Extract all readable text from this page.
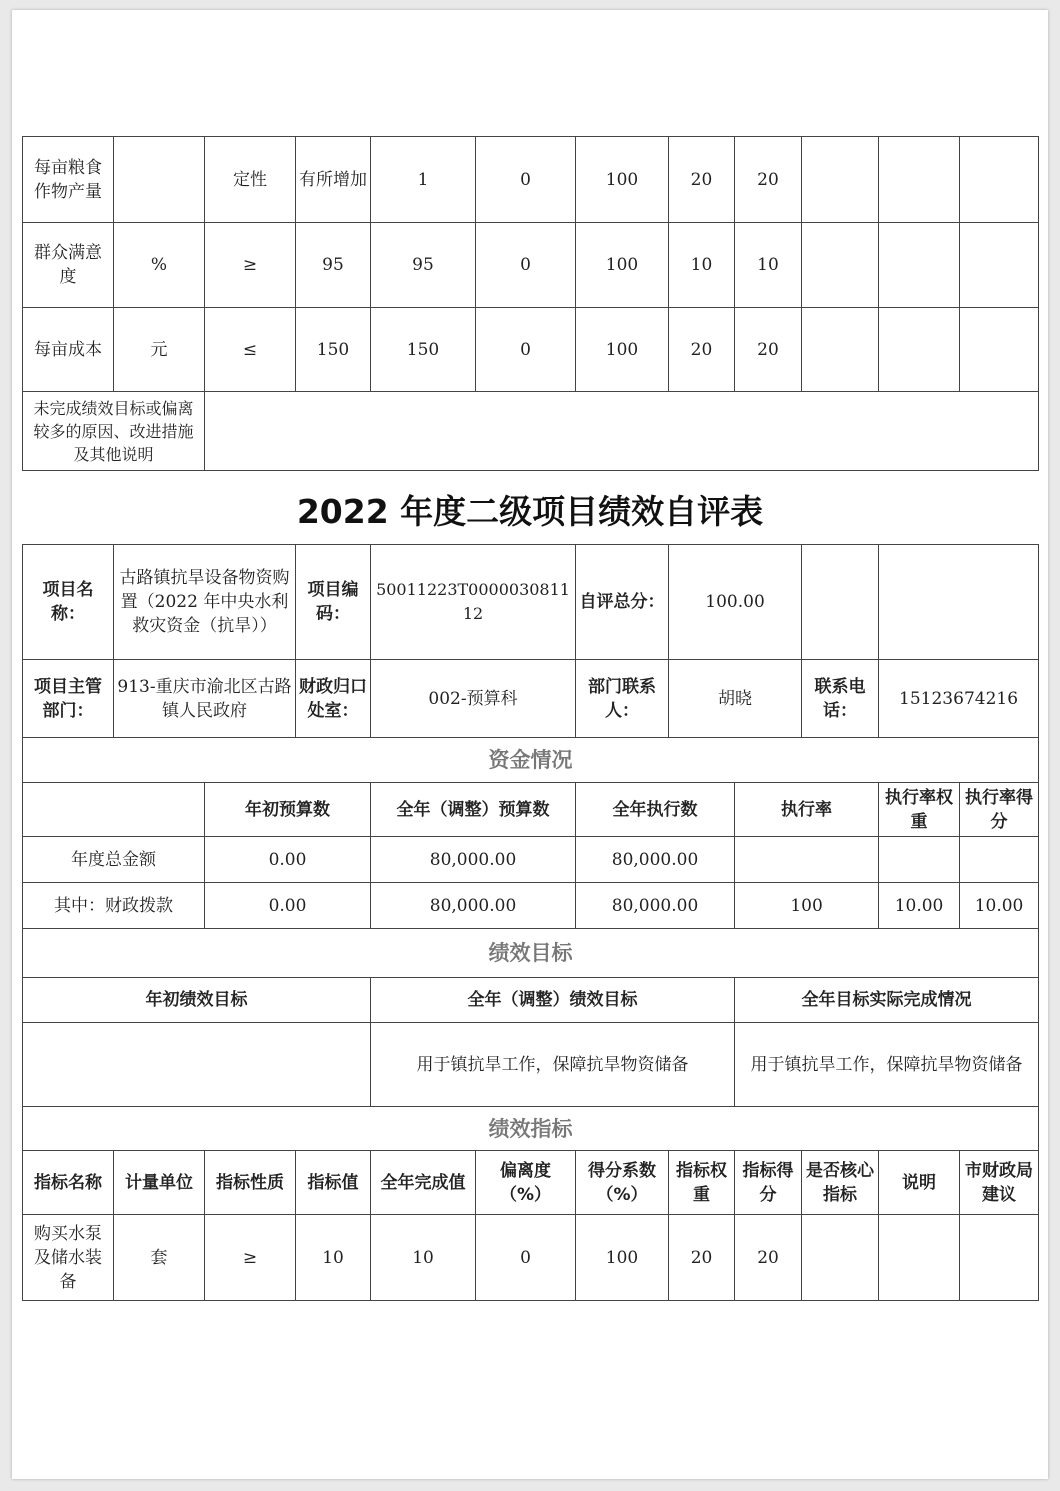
每亩粮食作物产量		定性	有所增加	1	0	100	20	20			
群众满意度	%	≥	95	95	0	100	10	10			
每亩成本	元	≤	150	150	0	100	20	20			
未完成绩效目标或偏离较多的原因、改进措施及其他说明											
2022 年度二级项目绩效自评表
项目名称：	古路镇抗旱设备物资购置（2022 年中央水利救灾资金（抗旱））		项目编码：	50011223T000003081112		自评总分：	100.00				
项目主管部门：	913-重庆市渝北区古路镇人民政府		财政归口处室：	002-预算科		部门联系人：	胡晓		联系电话：	15123674216	
资金情况											
		年初预算数		全年（调整）预算数		全年执行数		执行率		执行率权重	执行率得分
年度总金额		0.00		80,000.00		80,000.00					
其中：财政拨款		0.00		80,000.00		80,000.00		100		10.00	10.00
绩效目标											
年初绩效目标				全年（调整）绩效目标				全年目标实际完成情况			
				用于镇抗旱工作，保障抗旱物资储备				用于镇抗旱工作，保障抗旱物资储备			
绩效指标											
指标名称	计量单位	指标性质	指标值	全年完成值	偏离度（%）	得分系数（%）	指标权重	指标得分	是否核心指标	说明	市财政局建议
购买水泵及储水装备	套	≥	10	10	0	100	20	20			
